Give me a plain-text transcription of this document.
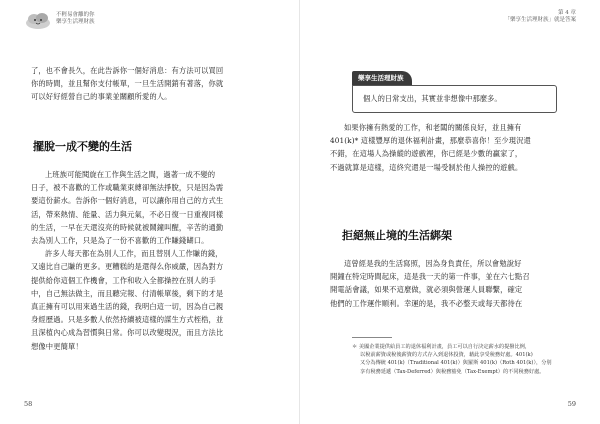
不輕易會離的你
樂享生活理財族
了，也不會長久，在此告訴你一個好消息：有方法可以買回
你的時間，並且幫你支付帳單，一旦生活開銷有著落，你就
可以好好經營自己的事業並關顧所愛的人。
擺脫一成不變的生活
上班族可能閱旋在工作與生活之間，過著一成不變的
日子，被不喜歡的工作或職業束縛卻無法掙脫，只是因為需
要這份薪水。告訴你一個好消息，可以讓你用自己的方式生
活，帶來熱情、能量、活力與元氣，不必日復一日重複同樣
的生活，一早在天還沒亮的時候就被鬧鐘叫醒，辛苦的通勤
去為別人工作，只是為了一份不喜歡的工作賺錢餬口。
許多人每天都在為別人工作，而且替別人工作賺的錢，
又遠比自己賺的更多。更糟糕的是還得么你威嚴，因為對方
提供給你這個工作機會，工作和收入全都操控在別人的手
中，自己無法做主，而且聽完報、付清帳單後，剩下的才是
真正擁有可以用來過生活的錢，我明白這一切，因為自己親
身經歷過。只是多數人依然持續被這樣的謀生方式桎梏，並
且深植內心成為習慣與日常。你可以改變現況，而且方法比
想像中更簡單！
58
第 4 章
「樂享生活理財族」就是答案
樂享生活理財族
個人的日常支出，其實並非想像中那麼多。
如果你擁有熱愛的工作，和老闆的關係良好，並且擁有
401(k)* 這樣豐厚的退休福利計畫，那麼恭喜你！至少現況還
不錯，在這場人為操縱的遊戲裡，你已經是少數的贏家了，
不過就算是這樣，這終究還是一場受制於他人操控的遊戲。
拒絕無止境的生活綁架
這曾經是我的生活寫照，因為身負責任，所以會勉說好
開鐘在特定時間起床，這是我一天的第一件事，並在六七點召
開電話會議，如果不這麼做，就必須與營運人員聯繫，確定
他們的工作運作順利。幸運的是，我不必整天或每天都待在
＊ 美國企業提供給員工的退休福利計畫，員工可以自行決定薪水的提撥比例，
以稅前薪資或稅後薪資的方式存入到退休投資，藉此享受稅務好處。401(k)
又分為傳統 401(k)（Traditional 401(k)）與羅斯 401(k)（Roth 401(k)），分別
享有稅務延遞（Tax-Deferred）與稅務豁免（Tax-Exempt）的不同稅務好處。
59
